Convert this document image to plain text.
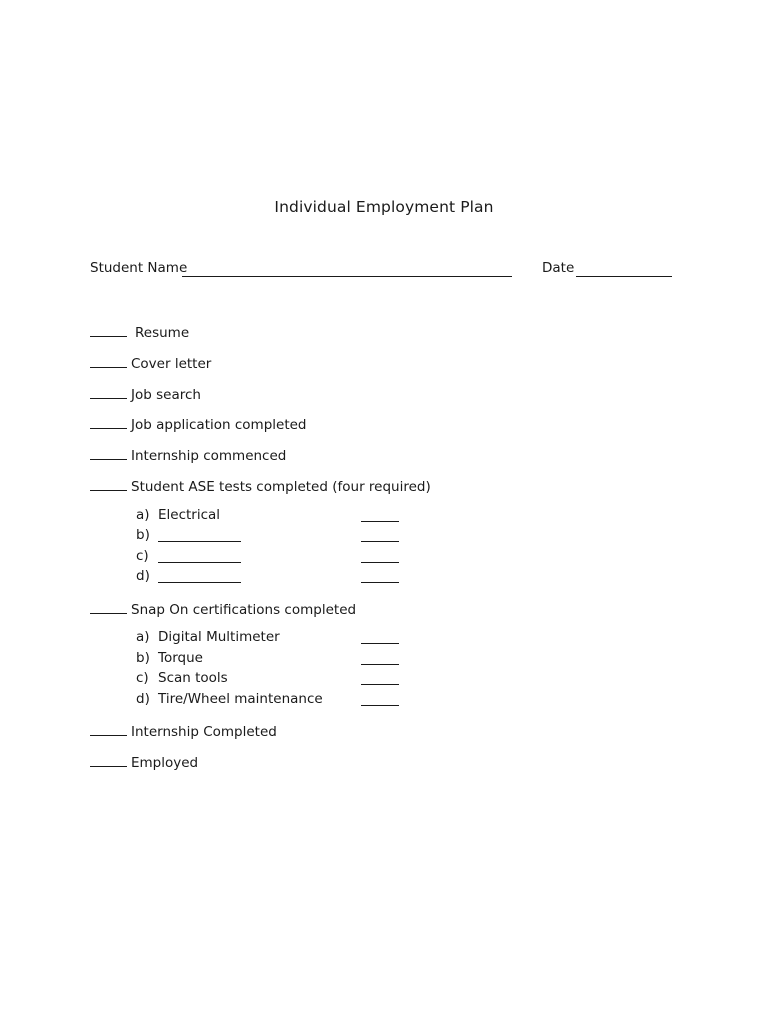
Individual Employment Plan
Student Name	Date
Resume
Cover letter
Job search
Job application completed
Internship commenced
Student ASE tests completed (four required)
a) Electrical
b)
c)
d)
Snap On certifications completed
a) Digital Multimeter
b) Torque
c) Scan tools
d) Tire/Wheel maintenance
Internship Completed
Employed
